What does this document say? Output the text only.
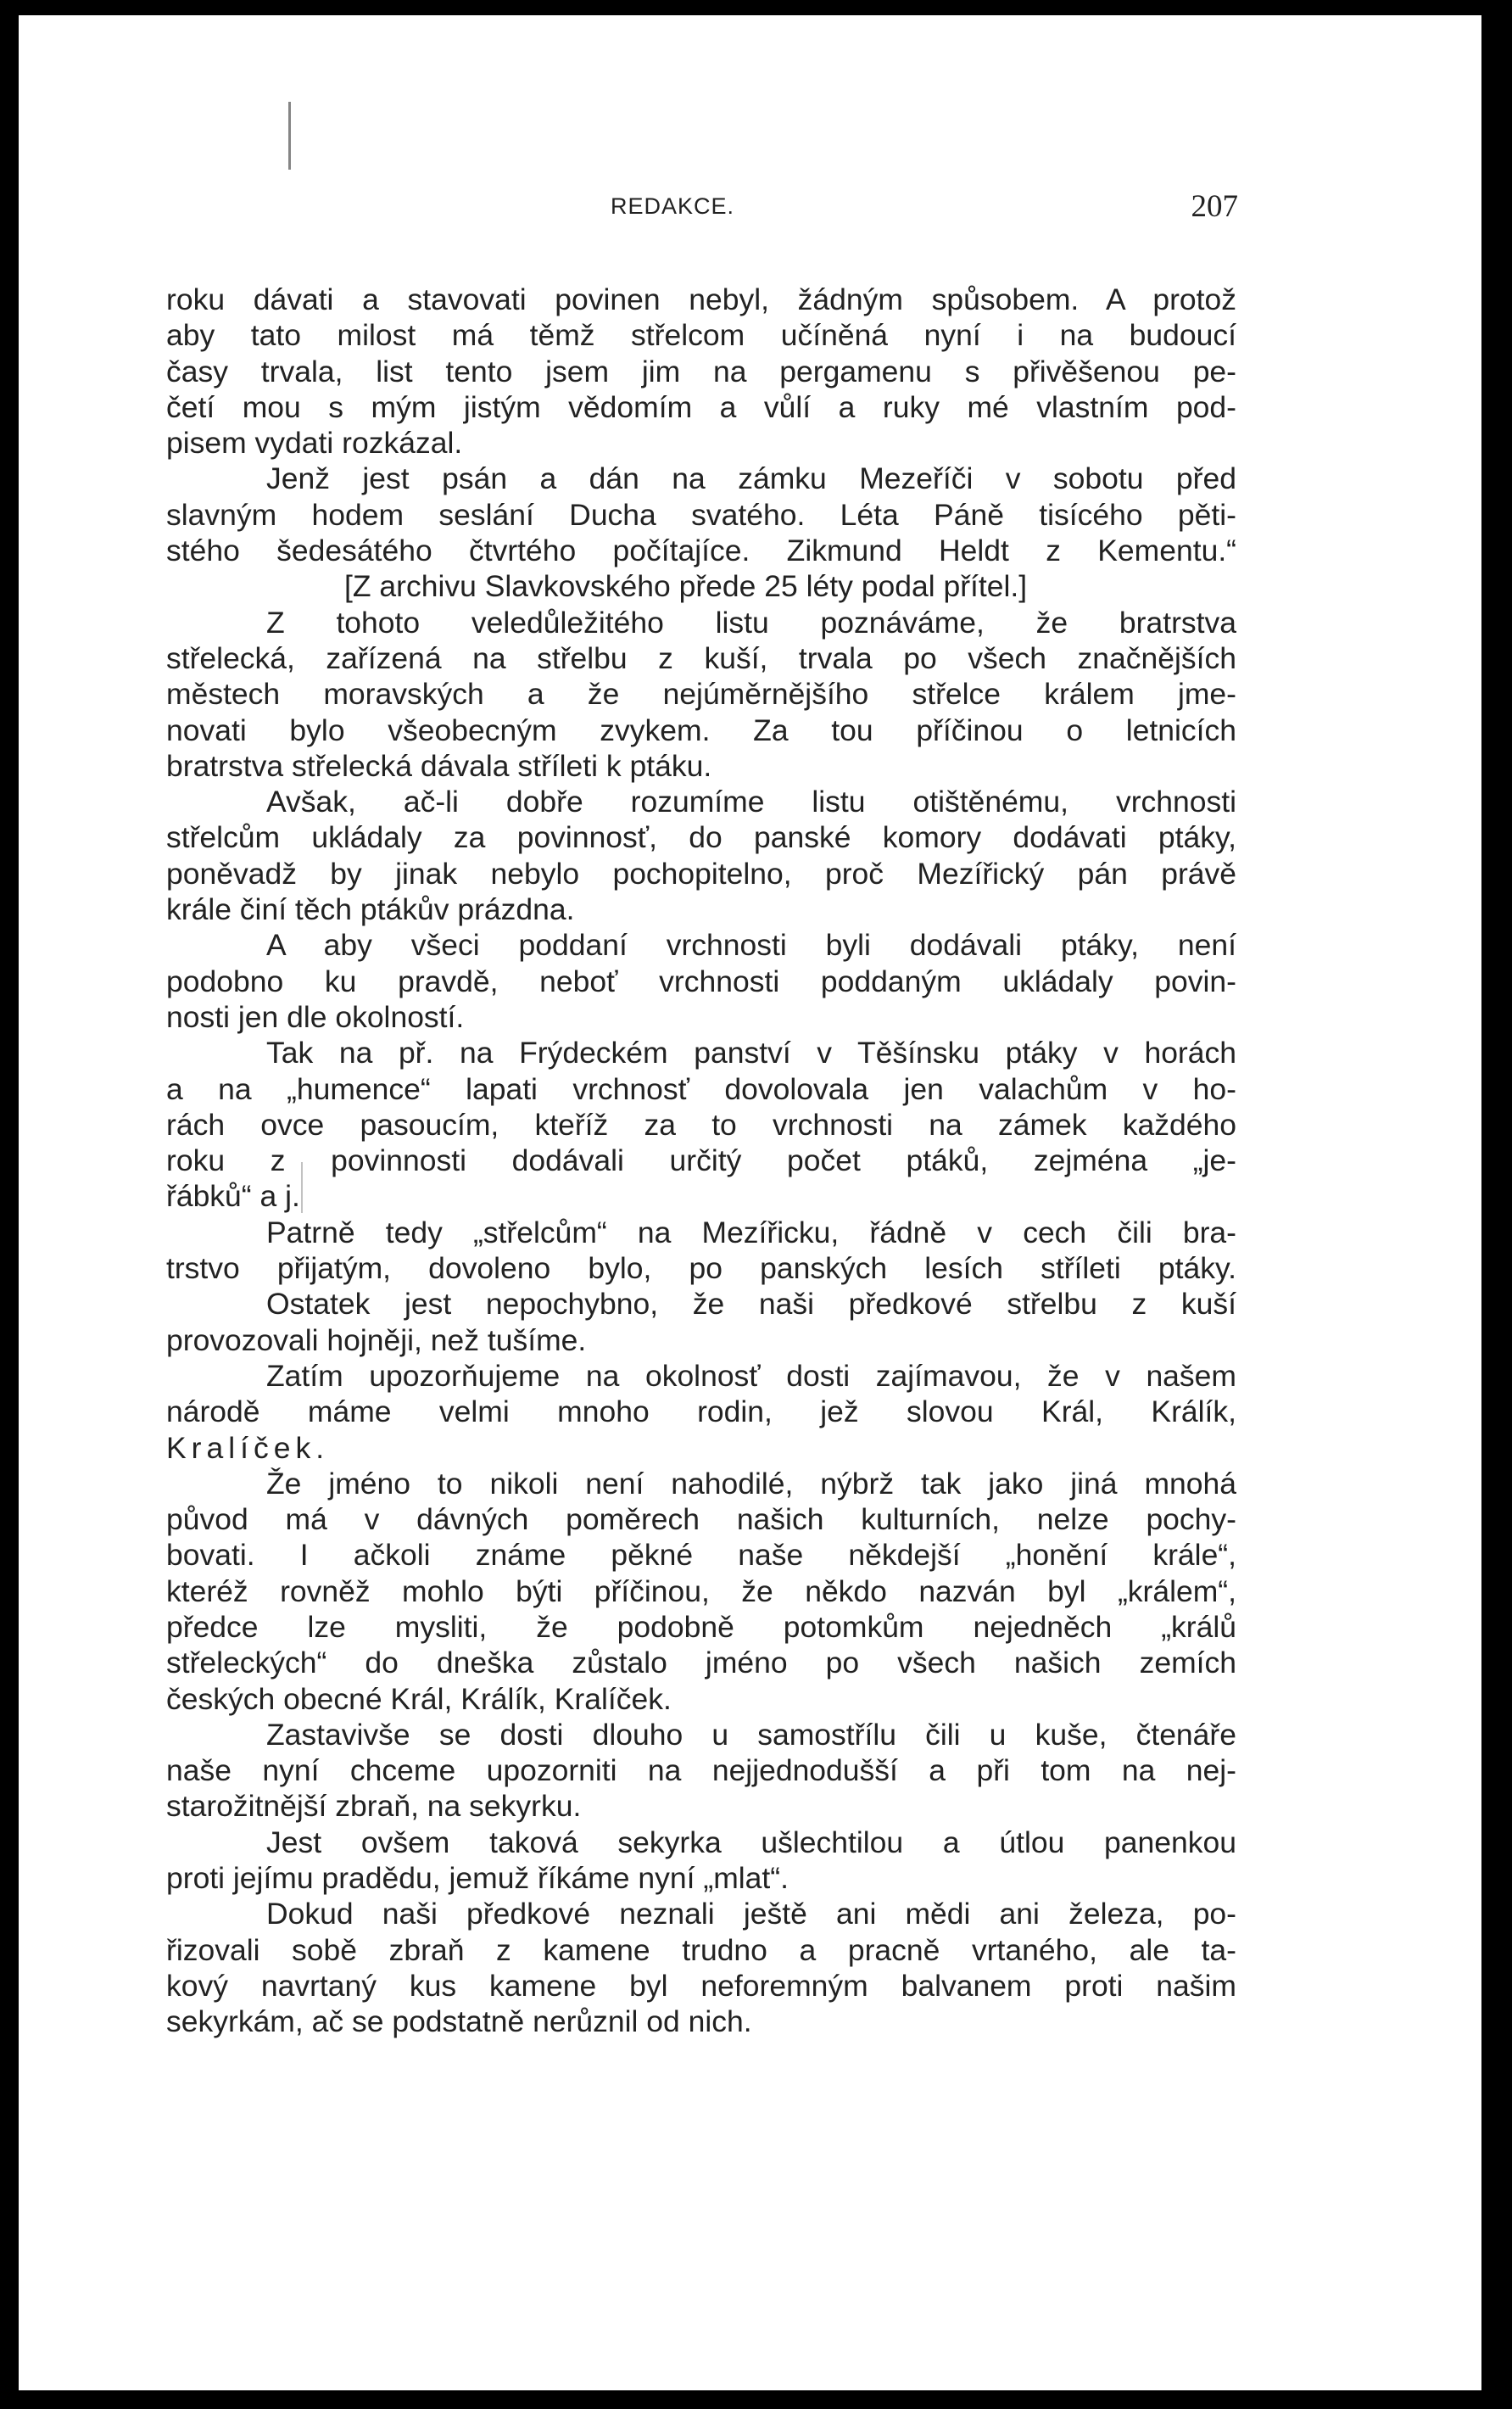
REDAKCE.	207
roku dávati a stavovati povinen nebyl, žádným spůsobem. A protož
aby tato milost má těmž střelcom učíněná nyní i na budoucí
časy trvala, list tento jsem jim na pergamenu s přivěšenou pe-
četí mou s mým jistým vědomím a vůlí a ruky mé vlastním pod-
pisem vydati rozkázal.
Jenž jest psán a dán na zámku Mezeříči v sobotu před
slavným hodem seslání Ducha svatého. Léta Páně tisícého pěti-
stého šedesátého čtvrtého počítajíce. Zikmund Heldt z Kementu.“
[Z archivu Slavkovského přede 25 léty podal přítel.]
Z tohoto veledůležitého listu poznáváme, že bratrstva
střelecká, zařízená na střelbu z kuší, trvala po všech značnějších
městech moravských a že nejúměrnějšího střelce králem jme-
novati bylo všeobecným zvykem. Za tou příčinou o letnicích
bratrstva střelecká dávala stříleti k ptáku.
Avšak, ač-li dobře rozumíme listu otištěnému, vrchnosti
střelcům ukládaly za povinnosť, do panské komory dodávati ptáky,
poněvadž by jinak nebylo pochopitelno, proč Mezířický pán právě
krále činí těch ptákův prázdna.
A aby všeci poddaní vrchnosti byli dodávali ptáky, není
podobno ku pravdě, neboť vrchnosti poddaným ukládaly povin-
nosti jen dle okolností.
Tak na př. na Frýdeckém panství v Těšínsku ptáky v horách
a na „humence“ lapati vrchnosť dovolovala jen valachům v ho-
rách ovce pasoucím, kteříž za to vrchnosti na zámek každého
roku z povinnosti dodávali určitý počet ptáků, zejména „je-
řábků“ a j.
Patrně tedy „střelcům“ na Mezířicku, řádně v cech čili bra-
trstvo přijatým, dovoleno bylo, po panských lesích stříleti ptáky.
Ostatek jest nepochybno, že naši předkové střelbu z kuší
provozovali hojněji, než tušíme.
Zatím upozorňujeme na okolnosť dosti zajímavou, že v našem
národě máme velmi mnoho rodin, jež slovou Král, Králík,
Kralíček.
Že jméno to nikoli není nahodilé, nýbrž tak jako jiná mnohá
původ má v dávných poměrech našich kulturních, nelze pochy-
bovati. I ačkoli známe pěkné naše někdejší „honění krále“,
kteréž rovněž mohlo býti příčinou, že někdo nazván byl „králem“,
předce lze mysliti, že podobně potomkům nejedněch „králů
střeleckých“ do dneška zůstalo jméno po všech našich zemích
českých obecné Král, Králík, Kralíček.
Zastavivše se dosti dlouho u samostřílu čili u kuše, čtenáře
naše nyní chceme upozorniti na nejjednodušší a při tom na nej-
starožitnější zbraň, na sekyrku.
Jest ovšem taková sekyrka ušlechtilou a útlou panenkou
proti jejímu pradědu, jemuž říkáme nyní „mlat“.
Dokud naši předkové neznali ještě ani mědi ani železa, po-
řizovali sobě zbraň z kamene trudno a pracně vrtaného, ale ta-
kový navrtaný kus kamene byl neforemným balvanem proti našim
sekyrkám, ač se podstatně nerůznil od nich.
